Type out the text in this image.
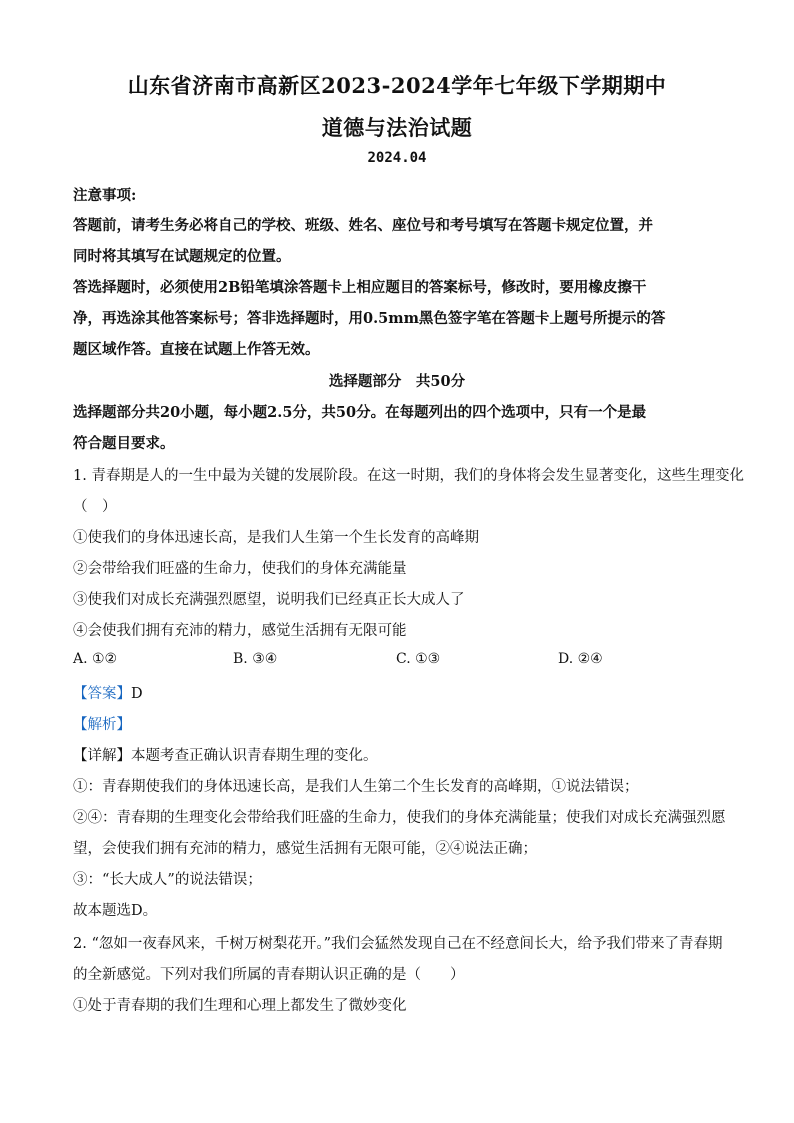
山东省济南市高新区2023-2024学年七年级下学期期中
道德与法治试题
2024.04
注意事项:
答题前，请考生务必将自己的学校、班级、姓名、座位号和考号填写在答题卡规定位置，并
同时将其填写在试题规定的位置。
答选择题时，必须使用2B铅笔填涂答题卡上相应题目的答案标号，修改时，要用橡皮擦干
净，再选涂其他答案标号；答非选择题时，用0.5mm黑色签字笔在答题卡上题号所提示的答
题区域作答。直接在试题上作答无效。
选择题部分　共50分
选择题部分共20小题，每小题2.5分，共50分。在每题列出的四个选项中，只有一个是最
符合题目要求。
1. 青春期是人的一生中最为关键的发展阶段。在这一时期，我们的身体将会发生显著变化，这些生理变化
（　）
①使我们的身体迅速长高，是我们人生第一个生长发育的高峰期
②会带给我们旺盛的生命力，使我们的身体充满能量
③使我们对成长充满强烈愿望，说明我们已经真正长大成人了
④会使我们拥有充沛的精力，感觉生活拥有无限可能
A. ①②	B. ③④	C. ①③	D. ②④
【答案】D
【解析】
【详解】本题考查正确认识青春期生理的变化。
①：青春期使我们的身体迅速长高，是我们人生第二个生长发育的高峰期，①说法错误；
②④：青春期的生理变化会带给我们旺盛的生命力，使我们的身体充满能量；使我们对成长充满强烈愿
望，会使我们拥有充沛的精力，感觉生活拥有无限可能，②④说法正确；
③：“长大成人”的说法错误；
故本题选D。
2. “忽如一夜春风来，千树万树梨花开。”我们会猛然发现自己在不经意间长大，给予我们带来了青春期
的全新感觉。下列对我们所属的青春期认识正确的是（　　）
①处于青春期的我们生理和心理上都发生了微妙变化
